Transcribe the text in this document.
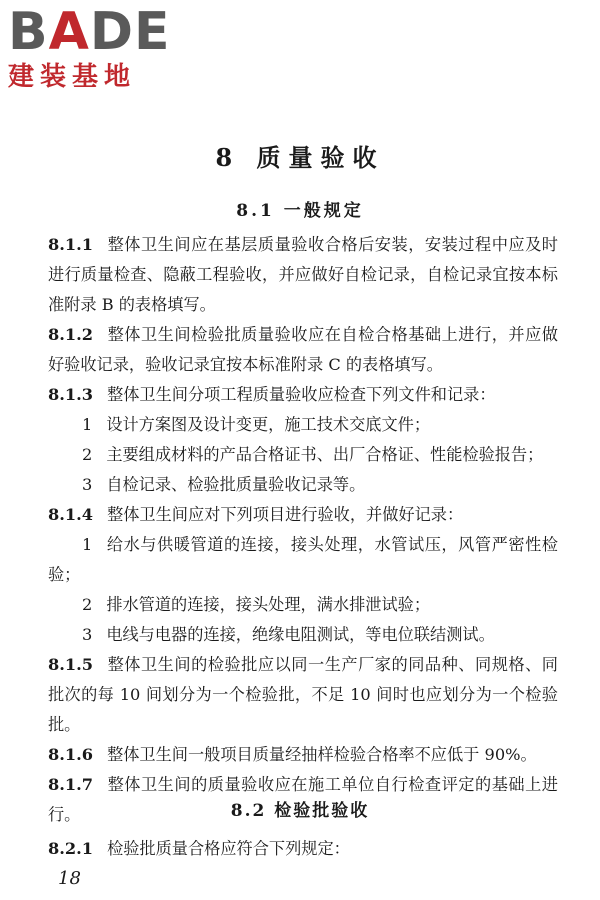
BADE
建装基地
8 质量验收
8.1 一般规定

8.1.1 整体卫生间应在基层质量验收合格后安装，安装过程中应及时进行质量检查、隐蔽工程验收，并应做好自检记录，自检记录宜按本标准附录 B 的表格填写。

8.1.2 整体卫生间检验批质量验收应在自检合格基础上进行，并应做好验收记录，验收记录宜按本标准附录 C 的表格填写。

8.1.3 整体卫生间分项工程质量验收应检查下列文件和记录：

1 设计方案图及设计变更，施工技术交底文件；

2 主要组成材料的产品合格证书、出厂合格证、性能检验报告；

3 自检记录、检验批质量验收记录等。

8.1.4 整体卫生间应对下列项目进行验收，并做好记录：

1 给水与供暖管道的连接，接头处理，水管试压，风管严密性检验；

2 排水管道的连接，接头处理，满水排泄试验；

3 电线与电器的连接，绝缘电阻测试，等电位联结测试。

8.1.5 整体卫生间的检验批应以同一生产厂家的同品种、同规格、同批次的每 10 间划分为一个检验批，不足 10 间时也应划分为一个检验批。

8.1.6 整体卫生间一般项目质量经抽样检验合格率不应低于 90%。

8.1.7 整体卫生间的质量验收应在施工单位自行检查评定的基础上进行。	8.2 检验批验收

8.2.1 检验批质量合格应符合下列规定：

18
